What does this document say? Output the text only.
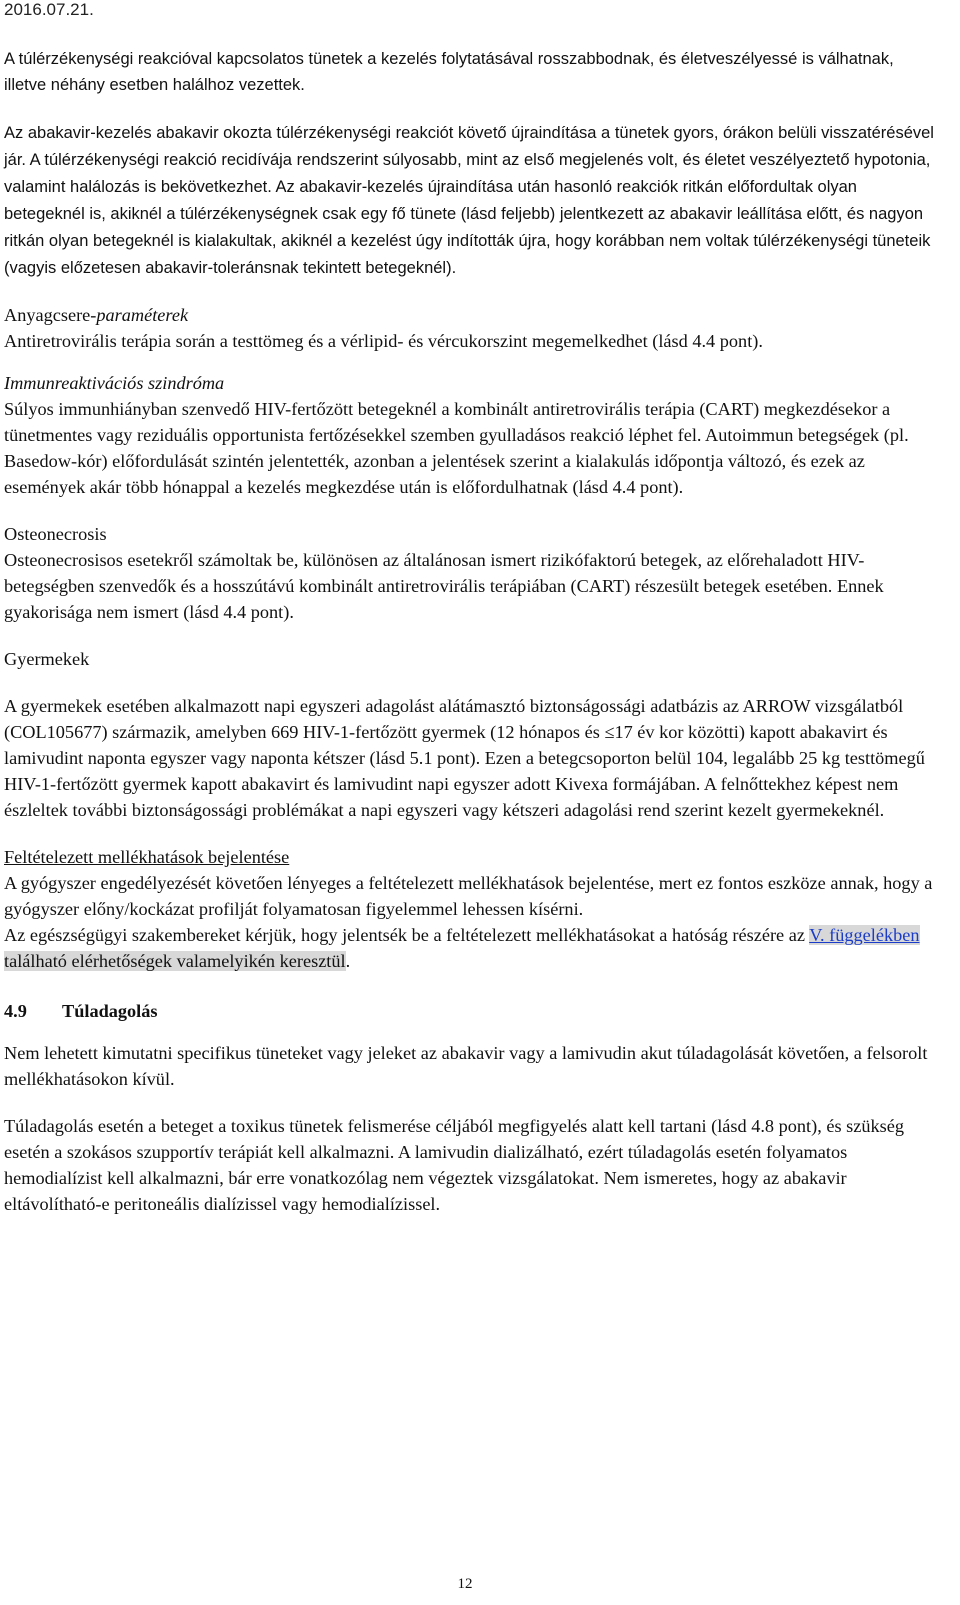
2016.07.21.

A túlérzékenységi reakcióval kapcsolatos tünetek a kezelés folytatásával rosszabbodnak, és életveszélyessé is válhatnak, illetve néhány esetben halálhoz vezettek.

Az abakavir-kezelés abakavir okozta túlérzékenységi reakciót követő újraindítása a tünetek gyors, órákon belüli visszatérésével jár. A túlérzékenységi reakció recidívája rendszerint súlyosabb, mint az első megjelenés volt, és életet veszélyeztető hypotonia, valamint halálozás is bekövetkezhet. Az abakavir-kezelés újraindítása után hasonló reakciók ritkán előfordultak olyan betegeknél is, akiknél a túlérzékenységnek csak egy fő tünete (lásd feljebb) jelentkezett az abakavir leállítása előtt, és nagyon ritkán olyan betegeknél is kialakultak, akiknél a kezelést úgy indították újra, hogy korábban nem voltak túlérzékenységi tüneteik (vagyis előzetesen abakavir-toleránsnak tekintett betegeknél).

Anyagcsere-paraméterek

Antiretrovirális terápia során a testtömeg és a vérlipid- és vércukorszint megemelkedhet (lásd 4.4 pont).

Immunreaktivációs szindróma

Súlyos immunhiányban szenvedő HIV-fertőzött betegeknél a kombinált antiretrovirális terápia (CART) megkezdésekor a tünetmentes vagy reziduális opportunista fertőzésekkel szemben gyulladásos reakció léphet fel. Autoimmun betegségek (pl. Basedow-kór) előfordulását szintén jelentették, azonban a jelentések szerint a kialakulás időpontja változó, és ezek az események akár több hónappal a kezelés megkezdése után is előfordulhatnak (lásd 4.4 pont).

Osteonecrosis

Osteonecrosisos esetekről számoltak be, különösen az általánosan ismert rizikófaktorú betegek, az előrehaladott HIV-betegségben szenvedők és a hosszútávú kombinált antiretrovirális terápiában (CART) részesült betegek esetében. Ennek gyakorisága nem ismert (lásd 4.4 pont).

Gyermekek

A gyermekek esetében alkalmazott napi egyszeri adagolást alátámasztó biztonságossági adatbázis az ARROW vizsgálatból (COL105677) származik, amelyben 669 HIV-1-fertőzött gyermek (12 hónapos és ≤17 év kor közötti) kapott abakavirt és lamivudint naponta egyszer vagy naponta kétszer (lásd 5.1 pont). Ezen a betegcsoporton belül 104, legalább 25 kg testtömegű HIV-1-fertőzött gyermek kapott abakavirt és lamivudint napi egyszer adott Kivexa formájában. A felnőttekhez képest nem észleltek további biztonságossági problémákat a napi egyszeri vagy kétszeri adagolási rend szerint kezelt gyermekeknél.

Feltételezett mellékhatások bejelentése

A gyógyszer engedélyezését követően lényeges a feltételezett mellékhatások bejelentése, mert ez fontos eszköze annak, hogy a gyógyszer előny/kockázat profilját folyamatosan figyelemmel lehessen kísérni.

Az egészségügyi szakembereket kérjük, hogy jelentsék be a feltételezett mellékhatásokat a hatóság részére az V. függelékben található elérhetőségek valamelyikén keresztül.

4.9 Túladagolás

Nem lehetett kimutatni specifikus tüneteket vagy jeleket az abakavir vagy a lamivudin akut túladagolását követően, a felsorolt mellékhatásokon kívül.

Túladagolás esetén a beteget a toxikus tünetek felismerése céljából megfigyelés alatt kell tartani (lásd 4.8 pont), és szükség esetén a szokásos szupportív terápiát kell alkalmazni. A lamivudin dializálható, ezért túladagolás esetén folyamatos hemodialízist kell alkalmazni, bár erre vonatkozólag nem végeztek vizsgálatokat. Nem ismeretes, hogy az abakavir eltávolítható-e peritoneális dialízissel vagy hemodialízissel.

12
